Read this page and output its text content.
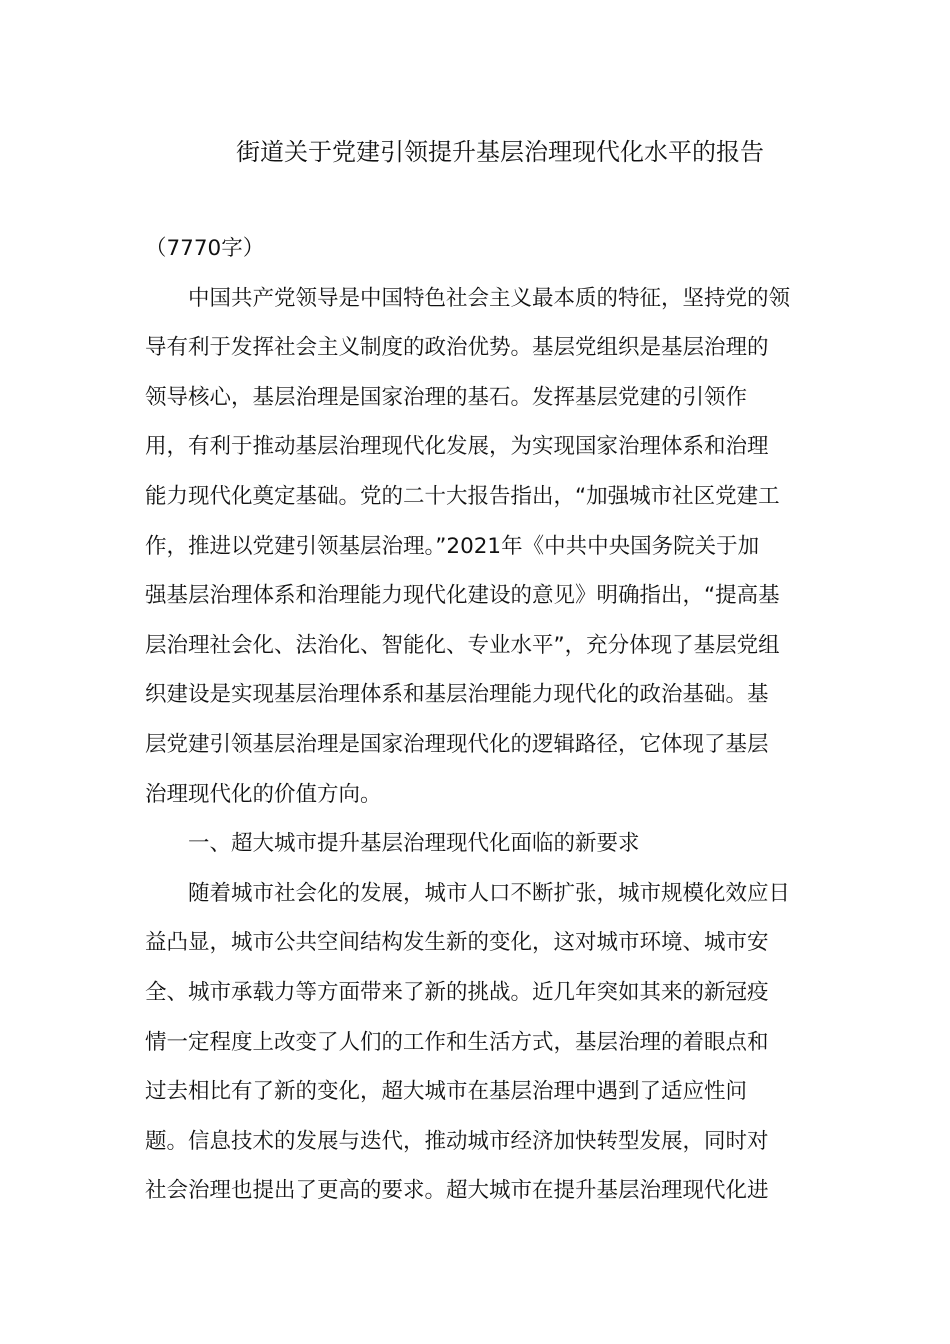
街道关于党建引领提升基层治理现代化水平的报告

（7770字）

中国共产党领导是中国特色社会主义最本质的特征，坚持党的领
导有利于发挥社会主义制度的政治优势。基层党组织是基层治理的
领导核心，基层治理是国家治理的基石。发挥基层党建的引领作
用，有利于推动基层治理现代化发展，为实现国家治理体系和治理
能力现代化奠定基础。党的二十大报告指出，“加强城市社区党建工
作，推进以党建引领基层治理。”2021年《中共中央国务院关于加
强基层治理体系和治理能力现代化建设的意见》明确指出，“提高基
层治理社会化、法治化、智能化、专业水平”，充分体现了基层党组
织建设是实现基层治理体系和基层治理能力现代化的政治基础。基
层党建引领基层治理是国家治理现代化的逻辑路径，它体现了基层
治理现代化的价值方向。

一、超大城市提升基层治理现代化面临的新要求

随着城市社会化的发展，城市人口不断扩张，城市规模化效应日
益凸显，城市公共空间结构发生新的变化，这对城市环境、城市安
全、城市承载力等方面带来了新的挑战。近几年突如其来的新冠疫
情一定程度上改变了人们的工作和生活方式，基层治理的着眼点和
过去相比有了新的变化，超大城市在基层治理中遇到了适应性问
题。信息技术的发展与迭代，推动城市经济加快转型发展，同时对
社会治理也提出了更高的要求。超大城市在提升基层治理现代化进
